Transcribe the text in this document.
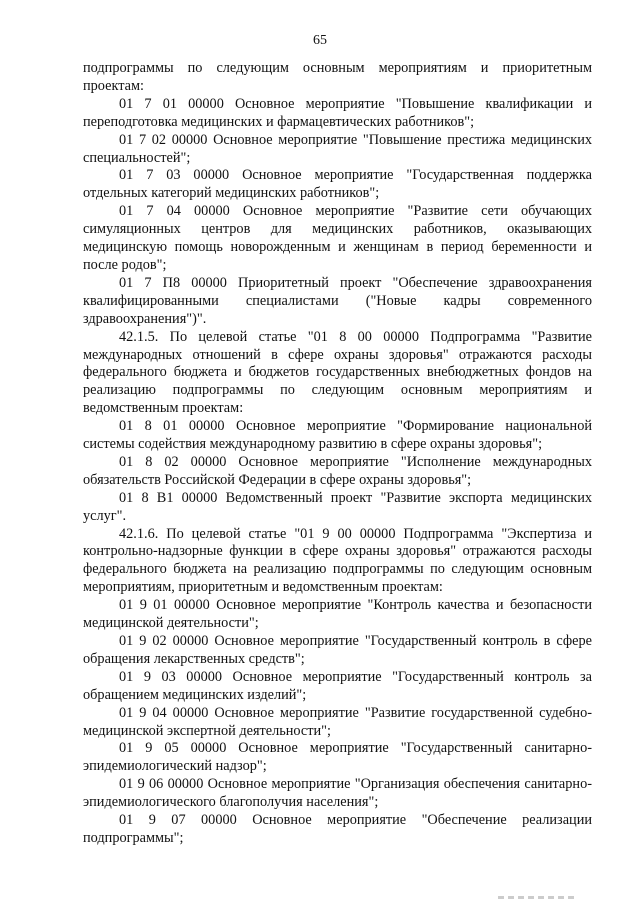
65

подпрограммы по следующим основным мероприятиям и приоритетным проектам:

01 7 01 00000 Основное мероприятие "Повышение квалификации и переподготовка медицинских и фармацевтических работников";

01 7 02 00000 Основное мероприятие "Повышение престижа медицинских специальностей";

01 7 03 00000 Основное мероприятие "Государственная поддержка отдельных категорий медицинских работников";

01 7 04 00000 Основное мероприятие "Развитие сети обучающих симуляционных центров для медицинских работников, оказывающих медицинскую помощь новорожденным и женщинам в период беременности и после родов";

01 7 П8 00000 Приоритетный проект "Обеспечение здравоохранения квалифицированными специалистами ("Новые кадры современного здравоохранения")".

42.1.5. По целевой статье "01 8 00 00000 Подпрограмма "Развитие международных отношений в сфере охраны здоровья" отражаются расходы федерального бюджета и бюджетов государственных внебюджетных фондов на реализацию подпрограммы по следующим основным мероприятиям и ведомственным проектам:

01 8 01 00000 Основное мероприятие "Формирование национальной системы содействия международному развитию в сфере охраны здоровья";

01 8 02 00000 Основное мероприятие "Исполнение международных обязательств Российской Федерации в сфере охраны здоровья";

01 8 В1 00000 Ведомственный проект "Развитие экспорта медицинских услуг".

42.1.6. По целевой статье "01 9 00 00000 Подпрограмма "Экспертиза и контрольно-надзорные функции в сфере охраны здоровья" отражаются расходы федерального бюджета на реализацию подпрограммы по следующим основным мероприятиям, приоритетным и ведомственным проектам:

01 9 01 00000 Основное мероприятие "Контроль качества и безопасности медицинской деятельности";

01 9 02 00000 Основное мероприятие "Государственный контроль в сфере обращения лекарственных средств";

01 9 03 00000 Основное мероприятие "Государственный контроль за обращением медицинских изделий";

01 9 04 00000 Основное мероприятие "Развитие государственной судебно-медицинской экспертной деятельности";

01 9 05 00000 Основное мероприятие "Государственный санитарно-эпидемиологический надзор";

01 9 06 00000 Основное мероприятие "Организация обеспечения санитарно-эпидемиологического благополучия населения";

01 9 07 00000 Основное мероприятие "Обеспечение реализации подпрограммы";
